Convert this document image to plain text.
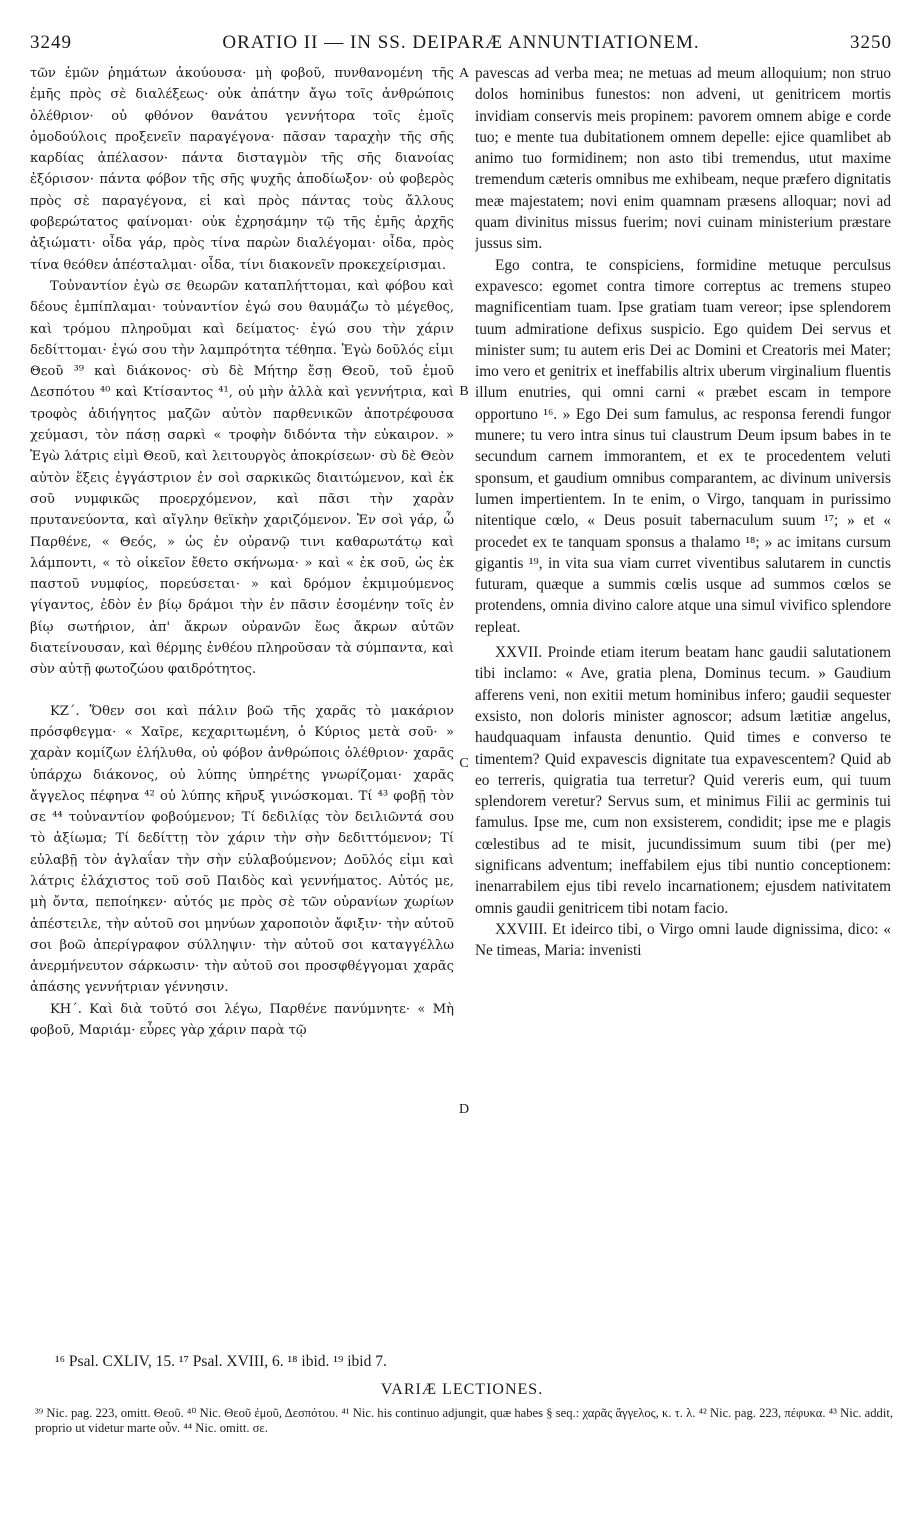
3249	ORATIO II — IN SS. DEIPARÆ ANNUNTIATIONEM.	3250

τῶν ἐμῶν ῥημάτων ἀκούουσα· μὴ φοβοῦ, πυνθανομένη τῆς ἐμῆς πρὸς σὲ διαλέξεως· οὐκ ἀπάτην ἄγω τοῖς ἀνθρώποις ὀλέθριον· οὐ φθόνον θανάτου γεννήτορα τοῖς ἐμοῖς ὁμοδούλοις προξενεῖν παραγέγονα· πᾶσαν ταραχὴν τῆς σῆς καρδίας ἀπέλασον· πάντα δισταγμὸν τῆς σῆς διανοίας ἐξόρισον· πάντα φόβον τῆς σῆς ψυχῆς ἀποδίωξον· οὐ φοβερὸς πρὸς σὲ παραγέγονα, εἰ καὶ πρὸς πάντας τοὺς ἄλλους φοβερώτατος φαίνομαι· οὐκ ἐχρησάμην τῷ τῆς ἐμῆς ἀρχῆς ἀξιώματι· οἶδα γάρ, πρὸς τίνα παρὼν διαλέγομαι· οἶδα, πρὸς τίνα θεόθεν ἀπέσταλμαι· οἶδα, τίνι διακονεῖν προκεχείρισμαι.

Τοὐναντίον ἐγὼ σε θεωρῶν καταπλήττομαι, καὶ φόβου καὶ δέους ἐμπίπλαμαι· τοὐναντίον ἐγώ σου θαυμάζω τὸ μέγεθος, καὶ τρόμου πληροῦμαι καὶ δείματος· ἐγώ σου τὴν χάριν δεδίττομαι· ἐγώ σου τὴν λαμπρότητα τέθηπα. Ἐγὼ δοῦλός εἰμι Θεοῦ ³⁹ καὶ διάκονος· σὺ δὲ Μήτηρ ἔσῃ Θεοῦ, τοῦ ἐμοῦ Δεσπότου ⁴⁰ καὶ Κτίσαντος ⁴¹, οὐ μὴν ἀλλὰ καὶ γεννήτρια, καὶ τροφὸς ἀδιήγητος μαζῶν αὐτὸν παρθενικῶν ἀποτρέφουσα χεύμασι, τὸν πάσῃ σαρκὶ « τροφὴν διδόντα τὴν εὐκαιρον. » Ἐγὼ λάτρις εἰμὶ Θεοῦ, καὶ λειτουργὸς ἀποκρίσεων· σὺ δὲ Θεὸν αὐτὸν ἕξεις ἐγγάστριον ἐν σοὶ σαρκικῶς διαιτώμενον, καὶ ἐκ σοῦ νυμφικῶς προερχόμενον, καὶ πᾶσι τὴν χαρὰν πρυτανεύοντα, καὶ αἴγλην θεϊκὴν χαριζόμενον. Ἐν σοὶ γάρ, ὦ Παρθένε, « Θεός, » ὡς ἐν οὐρανῷ τινι καθαρωτάτῳ καὶ λάμποντι, « τὸ οἰκεῖον ἔθετο σκήνωμα· » καὶ « ἐκ σοῦ, ὡς ἐκ παστοῦ νυμφίος, πορεύσεται· » καὶ δρόμον ἐκμιμούμενος γίγαντος, ἐδὸν ἐν βίῳ δράμοι τὴν ἐν πᾶσιν ἐσομένην τοῖς ἐν βίῳ σωτήριον, ἀπ' ἄκρων οὐρανῶν ἕως ἄκρων αὐτῶν διατείνουσαν, καὶ θέρμης ἐνθέου πληροῦσαν τὰ σύμπαντα, καὶ σὺν αὐτῇ φωτοζώου φαιδρότητος.

ΚΖ΄. Ὅθεν σοι καὶ πάλιν βοῶ τῆς χαρᾶς τὸ μακάριον πρόσφθεγμα· « Χαῖρε, κεχαριτωμένη, ὁ Κύριος μετὰ σοῦ· » χαρὰν κομίζων ἐλήλυθα, οὐ φόβον ἀνθρώποις ὀλέθριον· χαρᾶς ὑπάρχω διάκονος, οὐ λύπης ὑπηρέτης γνωρίζομαι· χαρᾶς ἄγγελος πέφηνα ⁴² οὐ λύπης κῆρυξ γινώσκομαι. Τί ⁴³ φοβῇ τὸν σε ⁴⁴ τοὐναντίον φοβούμενον; Τί δεδιλίᾳς τὸν δειλιῶντά σου τὸ ἀξίωμα; Τί δεδίττῃ τὸν χάριν τὴν σὴν δεδιττόμενον; Τί εὐλαβῇ τὸν ἀγλαΐαν τὴν σὴν εὐλαβούμενον; Δοῦλός εἰμι καὶ λάτρις ἐλάχιστος τοῦ σοῦ Παιδὸς καὶ γεννήματος. Αὐτός με, μὴ ὄντα, πεποίηκεν· αὐτός με πρὸς σὲ τῶν οὐρανίων χωρίων ἀπέστειλε, τὴν αὐτοῦ σοι μηνύων χαροποιὸν ἄφιξιν· τὴν αὐτοῦ σοι βοῶ ἀπερίγραφον σύλληψιν· τὴν αὐτοῦ σοι καταγγέλλω ἀνερμήνευτον σάρκωσιν· τὴν αὐτοῦ σοι προσφθέγγομαι χαρᾶς ἁπάσης γεννήτριαν γέννησιν.

ΚΗ΄. Καὶ διὰ τοῦτό σοι λέγω, Παρθένε πανύμνητε· « Μὴ φοβοῦ, Μαριάμ· εὗρες γὰρ χάριν παρὰ τῷ

A
B
C
D

pavescas ad verba mea; ne metuas ad meum alloquium; non struo dolos hominibus funestos: non adveni, ut genitricem mortis invidiam conservis meis propinem: pavorem omnem abige e corde tuo; e mente tua dubitationem omnem depelle: ejice quamlibet ab animo tuo formidinem; non asto tibi tremendus, utut maxime tremendum cæteris omnibus me exhibeam, neque præfero dignitatis meæ majestatem; novi enim quamnam præsens alloquar; novi ad quam divinitus missus fuerim; novi cuinam ministerium præstare jussus sim.

Ego contra, te conspiciens, formidine metuque perculsus expavesco: egomet contra timore correptus ac tremens stupeo magnificentiam tuam. Ipse gratiam tuam vereor; ipse splendorem tuum admiratione defixus suspicio. Ego quidem Dei servus et minister sum; tu autem eris Dei ac Domini et Creatoris mei Mater; imo vero et genitrix et ineffabilis altrix uberum virginalium fluentis illum enutries, qui omni carni « præbet escam in tempore opportuno ¹⁶. » Ego Dei sum famulus, ac responsa ferendi fungor munere; tu vero intra sinus tui claustrum Deum ipsum babes in te secundum carnem immorantem, et ex te procedentem veluti sponsum, et gaudium omnibus comparantem, ac divinum universis lumen impertientem. In te enim, o Virgo, tanquam in purissimo nitentique cœlo, « Deus posuit tabernaculum suum ¹⁷; » et « procedet ex te tanquam sponsus a thalamo ¹⁸; » ac imitans cursum gigantis ¹⁹, in vita sua viam curret viventibus salutarem in cunctis futuram, quæque a summis cœlis usque ad summos cœlos se protendens, omnia divino calore atque una simul vivifico splendore repleat.

XXVII. Proinde etiam iterum beatam hanc gaudii salutationem tibi inclamo: « Ave, gratia plena, Dominus tecum. » Gaudium afferens veni, non exitii metum hominibus infero; gaudii sequester exsisto, non doloris minister agnoscor; adsum lætitiæ angelus, haudquaquam infausta denuntio. Quid times e converso te timentem? Quid expavescis dignitate tua expavescentem? Quid ab eo terreris, quigratia tua terretur? Quid vereris eum, qui tuum splendorem veretur? Servus sum, et minimus Filii ac germinis tui famulus. Ipse me, cum non exsisterem, condidit; ipse me e plagis cœlestibus ad te misit, jucundissimum suum tibi (per me) significans adventum; ineffabilem ejus tibi nuntio conceptionem: inenarrabilem ejus tibi revelo incarnationem; ejusdem nativitatem omnis gaudii genitricem tibi notam facio.

XXVIII. Et ideirco tibi, o Virgo omni laude dignissima, dico: « Ne timeas, Maria: invenisti

¹⁶ Psal. CXLIV, 15. ¹⁷ Psal. XVIII, 6. ¹⁸ ibid. ¹⁹ ibid 7.
VARIÆ LECTIONES.
³⁹ Nic. pag. 223, omitt. Θεοῦ. ⁴⁰ Nic. Θεοῦ ἐμοῦ, Δεσπότου. ⁴¹ Nic. his continuo adjungit, quæ habes § seq.: χαρᾶς ἄγγελος, κ. τ. λ. ⁴² Nic. pag. 223, πέφυκα. ⁴³ Nic. addit, proprio ut videtur marte οὖν. ⁴⁴ Nic. omitt. σε.
